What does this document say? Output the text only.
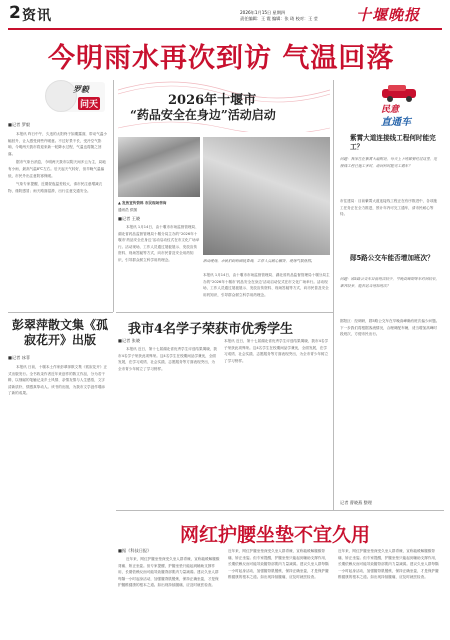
2 资讯	2026年1月15日 星期四
责任编辑：王 霞 编辑：张 琦 校对：王 莹	十堰晚报
今明雨水再次到访 气温回落
罗毅
问天
■记者 罗毅

本报讯 昨日中午，久违的太阳终于如期露面，带动气温小幅回升，让人感受到些许暖意。不过好景不长，受冷空气影响，今明两天我市将迎来新一轮降水过程，气温也将随之回落。

据市气象台消息，今明两天我市以阴天间多云为主，局地有小雨，最高气温8℃左右。后天起天气转好，但早晚气温偏低，市民外出注意防寒保暖。

气象专家提醒，近期昼夜温差较大，请市民注意增减衣物，谨防感冒；雨天路面湿滑，出行注意交通安全。

彭翠萍散文集《孤寂花开》出版
■记者 冰菲
本报讯 日前，十堰本土作家彭翠萍散文集《孤寂花开》正式出版发行。全书收录作者近年来创作的散文作品，分为若干辑，以细腻的笔触记录乡土风情、亲情友情与人生感悟，文字清新质朴，情感真挚动人。该书的出版，为我市文学创作增添了新的成果。
2026年十堰市
“药品安全在身边”活动启动
▲ 发放宣传资料 市民现场咨询
通讯员 供图
■记者 王晓
本报讯 1月14日，由十堰市市场监督管理局、湖北省药品监督管理局十堰分局主办的“2026年十堰市‘药品安全在身边’活动启动仪式在市文化广场举行。活动现场，工作人员通过展板展示、发放宣传资料、现场答疑等方式，向市民普及安全用药知识，引导群众树立科学用药理念。	活动现场，市民们纷纷围拢咨询，工作人员耐心解答，现场气氛热烈。
本报讯 1月14日，由十堰市市场监督管理局、湖北省药品监督管理局十堰分局主办的“2026年十堰市‘药品安全在身边’活动启动仪式在市文化广场举行。活动现场，工作人员通过展板展示、发放宣传资料、现场答疑等方式，向市民普及安全用药知识，引导群众树立科学用药理念。
民意
直通车
紫霄大道连接线工程何时能完工？
问题：我家住在紫霄大道附近，每天上下班都要经过这里，连接线工程已施工多时，请问何时能完工通车？
市住建局：目前紫霄大道连接线工程正在有序推进中，各项施工任务正在全力推进，预计年内可完工通车，请市民耐心等待。
郧5路公交车能否增加班次？
问题：郧5路公交车目前班次较少，早晚高峰期等车时间较长，乘客较多，能否适当增加班次？
郧阳区：经调研，郧5路公交车在早晚高峰确有班次偏少问题。下一步我们将根据客流情况，合理调配车辆，适当增加高峰时段班次，方便市民出行。
记者 曹晓燕 整理
我市4名学子荣获市优秀学生
■记者 张晓
本报讯 近日，第十七届湖北省优秀学生评选结果揭晓，我市4名学子荣获此项殊荣。这4名学生在校期间品学兼优，全面发展，在学习成绩、社会实践、志愿服务等方面表现突出，为全市青少年树立了学习榜样。
本报讯 近日，第十七届湖北省优秀学生评选结果揭晓，我市4名学子荣获此项殊荣。这4名学生在校期间品学兼优，全面发展，在学习成绩、社会实践、志愿服务等方面表现突出，为全市青少年树立了学习榜样。
网红护腰坐垫不宜久用
■据《科技日报》
近年来，网红护腰坐垫深受久坐人群青睐，宣称能缓解腰酸背痛、矫正坐姿。但专家提醒，护腰坐垫只能起到辅助支撑作用，长期依赖反而可能导致腰背部肌肉力量减弱。建议久坐人群每隔一小时起身活动，加强腰背肌锻炼，保持正确坐姿，才是保护腰椎健康的根本之道。如出现持续腰痛，应及时就医检查。
近年来，网红护腰坐垫深受久坐人群青睐，宣称能缓解腰酸背痛、矫正坐姿。但专家提醒，护腰坐垫只能起到辅助支撑作用，长期依赖反而可能导致腰背部肌肉力量减弱。建议久坐人群每隔一小时起身活动，加强腰背肌锻炼，保持正确坐姿，才是保护腰椎健康的根本之道。如出现持续腰痛，应及时就医检查。
近年来，网红护腰坐垫深受久坐人群青睐，宣称能缓解腰酸背痛、矫正坐姿。但专家提醒，护腰坐垫只能起到辅助支撑作用，长期依赖反而可能导致腰背部肌肉力量减弱。建议久坐人群每隔一小时起身活动，加强腰背肌锻炼，保持正确坐姿，才是保护腰椎健康的根本之道。如出现持续腰痛，应及时就医检查。
